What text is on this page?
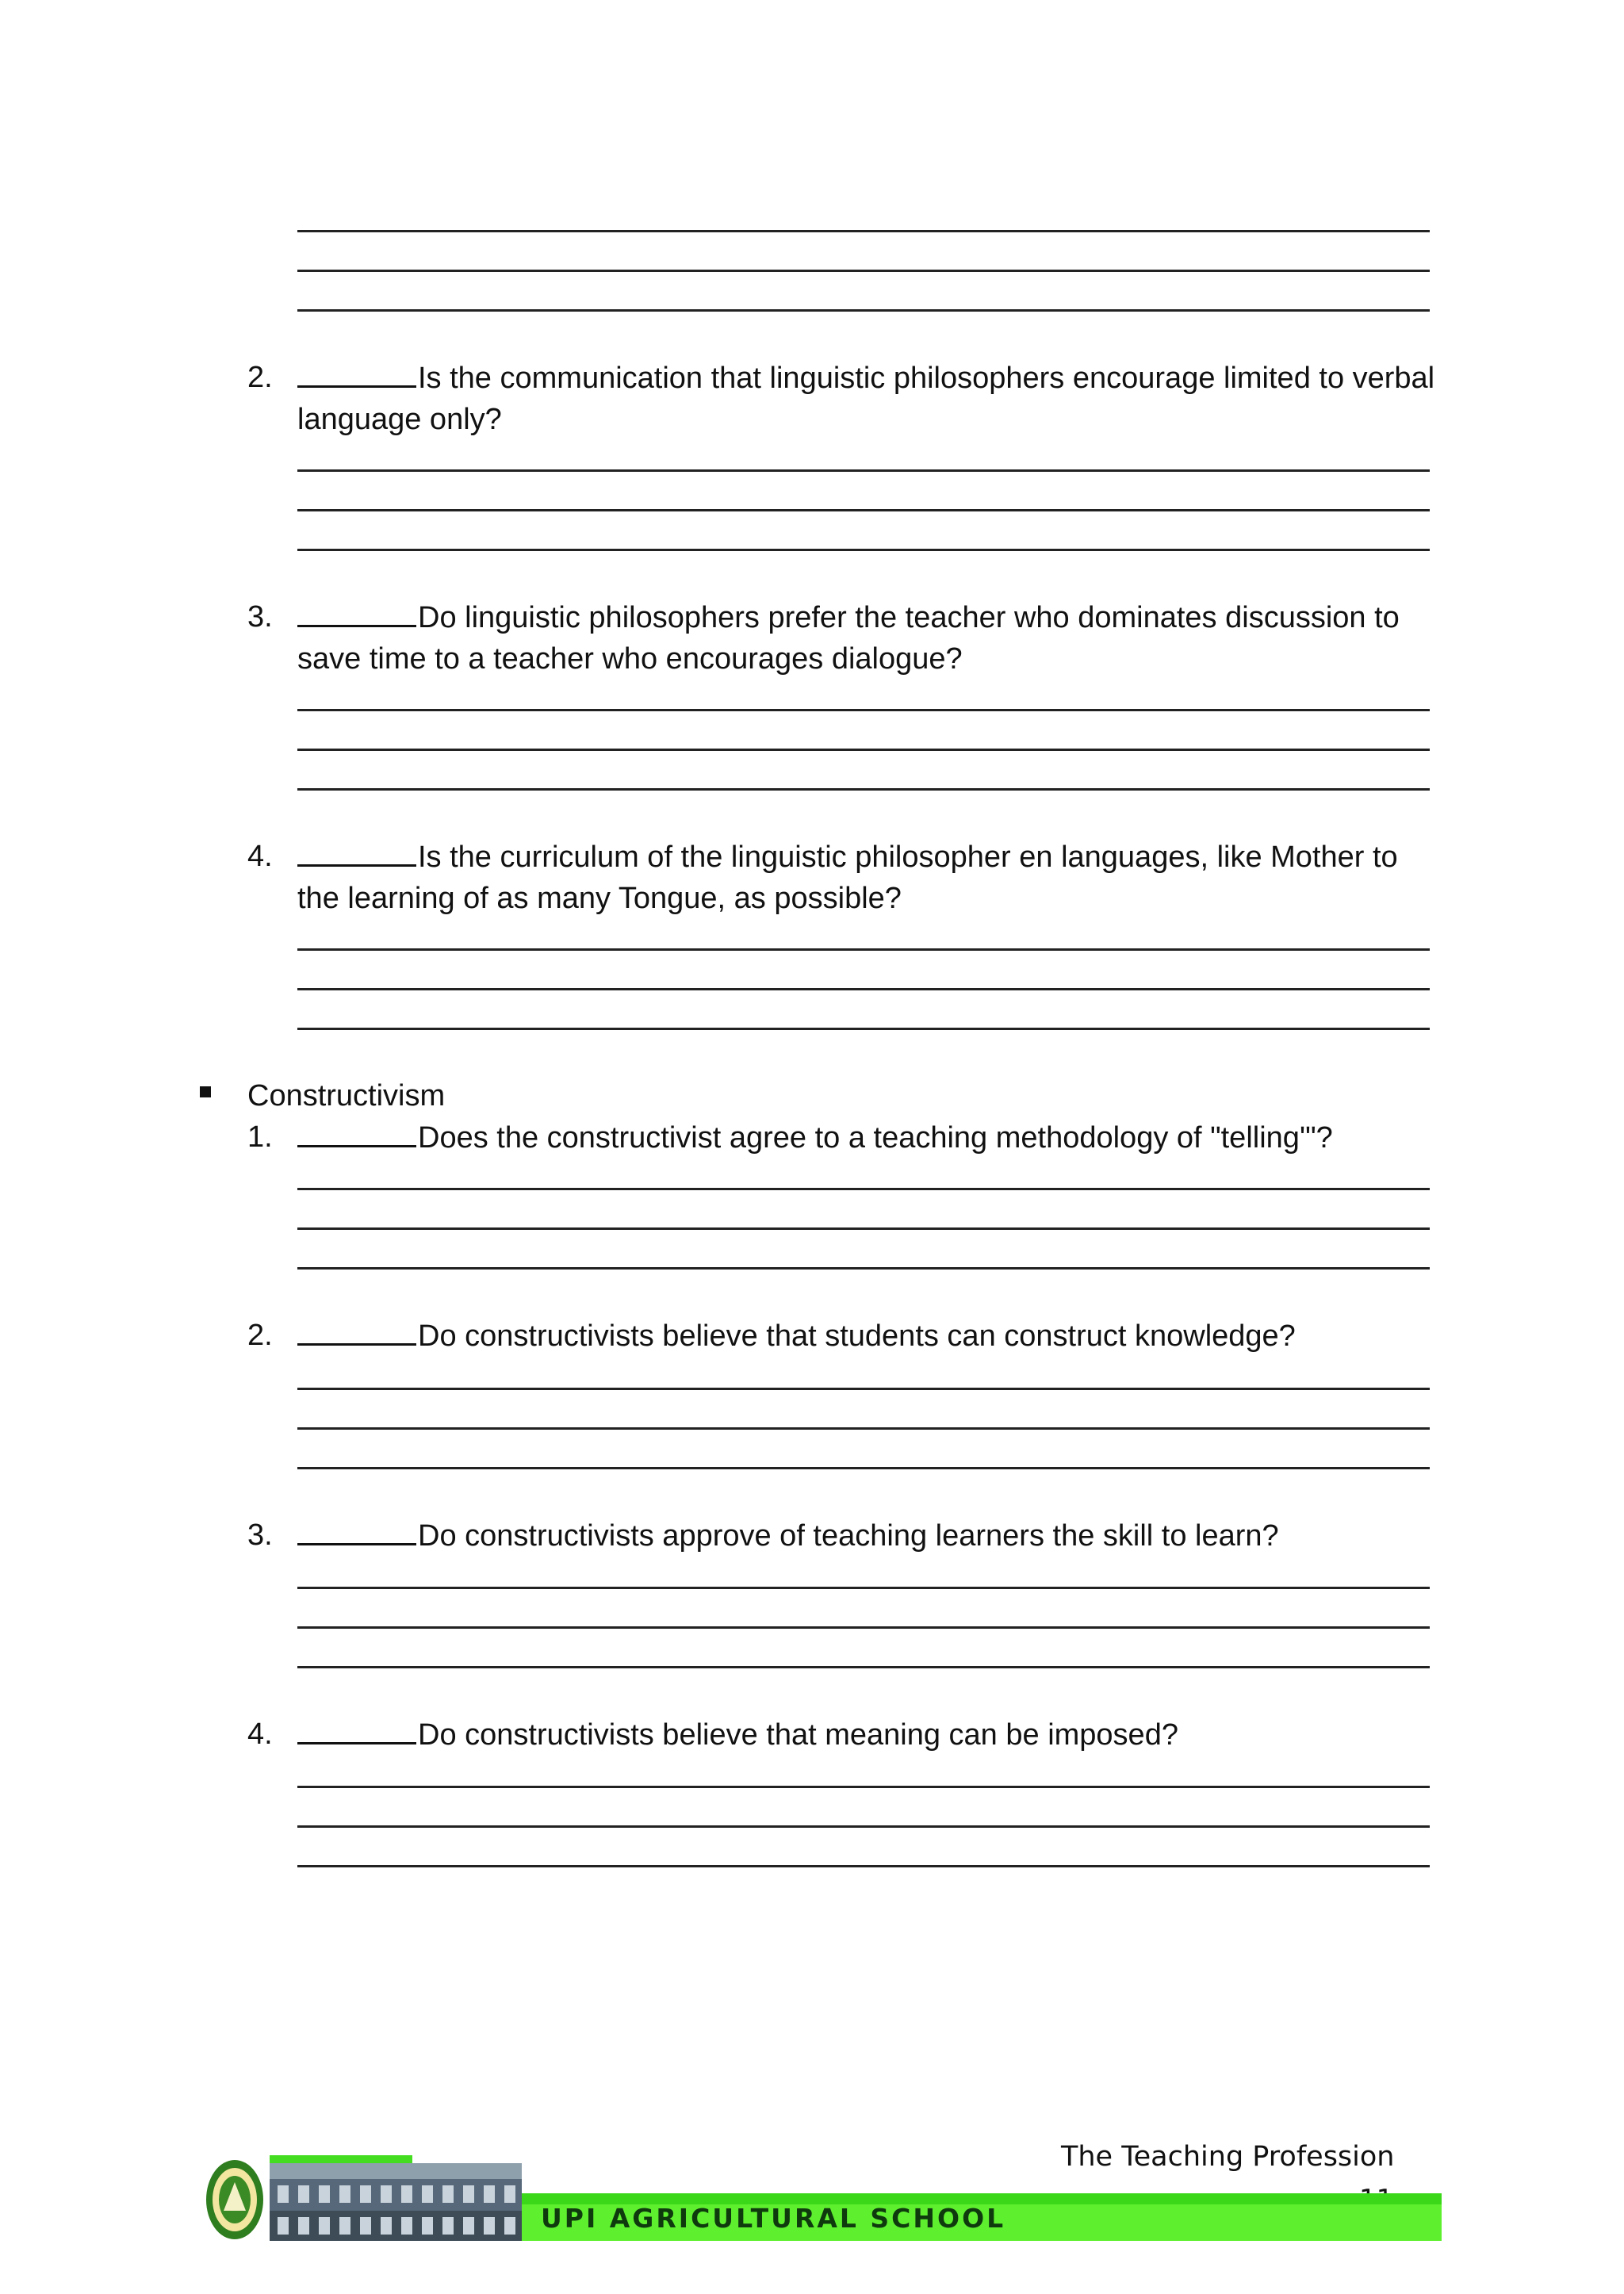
2.	Is the communication that linguistic philosophers encourage limited to verbal
language only?
3.	Do linguistic philosophers prefer the teacher who dominates discussion to
save time to a teacher who encourages dialogue?
4.	Is the curriculum of the linguistic philosopher en languages, like Mother to
the learning of as many Tongue, as possible?
Constructivism
1.	Does the constructivist agree to a teaching methodology of "telling'"?
2.	Do constructivists believe that students can construct knowledge?
3.	Do constructivists approve of teaching learners the skill to learn?
4.	Do constructivists believe that meaning can be imposed?
The Teaching Profession
UPI AGRICULTURAL SCHOOL
